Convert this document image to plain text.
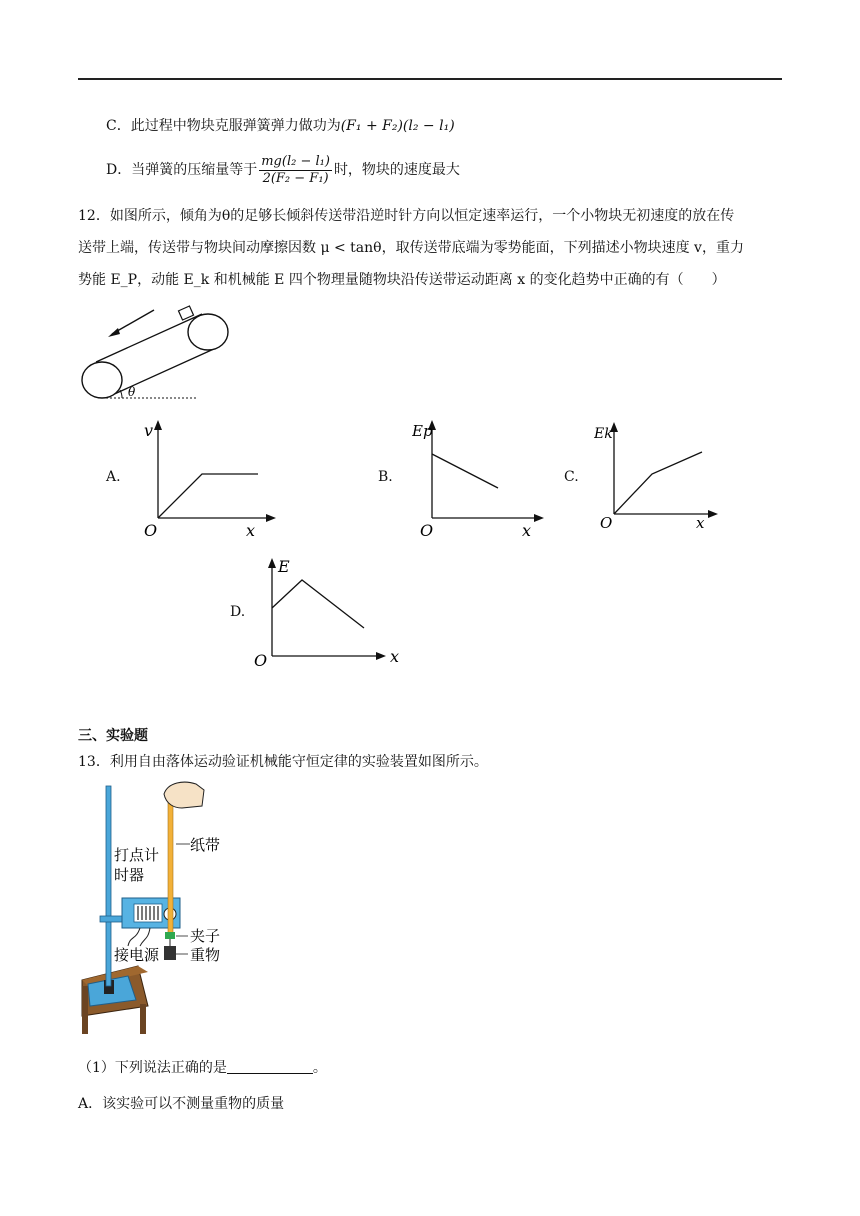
C．此过程中物块克服弹簧弹力做功为(F₁ + F₂)(l₂ − l₁)
D．当弹簧的压缩量等于 $\frac{\text{mg(l₂ − l₁)}}{\text{2(F₂ − F₁)}}$ 时，物块的速度最大
12．如图所示，倾角为θ的足够长倾斜传送带沿逆时针方向以恒定速率运行，一个小物块无初速度的放在传
送带上端，传送带与物块间动摩擦因数 μ < tanθ，取传送带底端为零势能面，下列描述小物块速度 v，重力
势能 E_P，动能 E_k 和机械能 E 四个物理量随物块沿传送带运动距离 x 的变化趋势中正确的有（　　）
θ
A.
v
x
O
B.
Ep
x
O
C.
Ek
x
O
D.
E
x
O
三、实验题
13．利用自由落体运动验证机械能守恒定律的实验装置如图所示。
纸带
打点计
时器
夹子
接电源 重物
（1）下列说法正确的是	。
A．该实验可以不测量重物的质量
